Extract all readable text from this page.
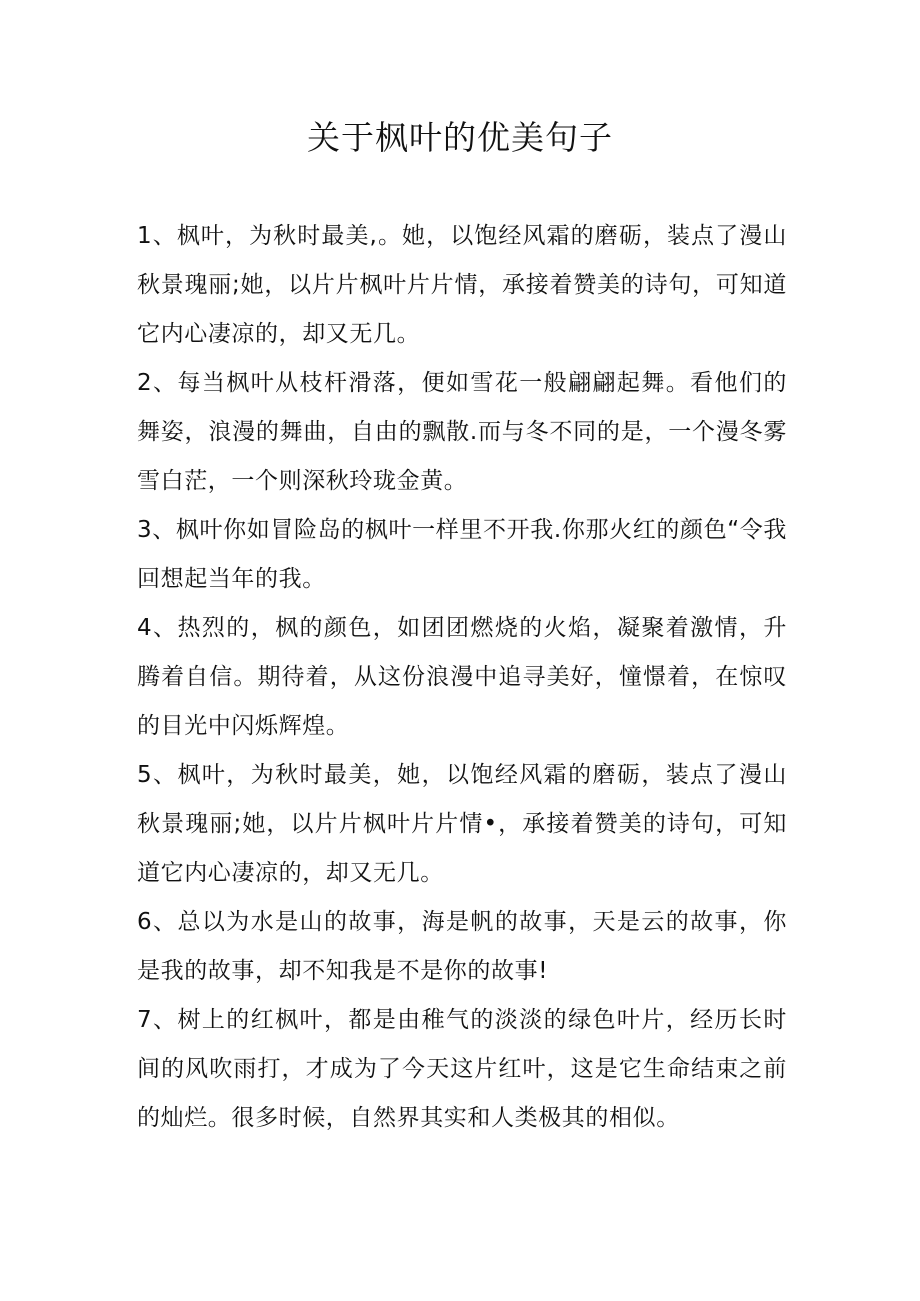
关于枫叶的优美句子

1、枫叶，为秋时最美,。她，以饱经风霜的磨砺，装点了漫山秋景瑰丽;她，以片片枫叶片片情，承接着赞美的诗句，可知道它内心凄凉的，却又无几。

2、每当枫叶从枝杆滑落，便如雪花一般翩翩起舞。看他们的舞姿，浪漫的舞曲，自由的飘散.而与冬不同的是，一个漫冬雾雪白茫，一个则深秋玲珑金黄。

3、枫叶你如冒险岛的枫叶一样里不开我.你那火红的颜色“令我回想起当年的我。

4、热烈的，枫的颜色，如团团燃烧的火焰，凝聚着激情，升腾着自信。期待着，从这份浪漫中追寻美好，憧憬着，在惊叹的目光中闪烁辉煌。

5、枫叶，为秋时最美，她，以饱经风霜的磨砺，装点了漫山秋景瑰丽;她，以片片枫叶片片情•，承接着赞美的诗句，可知道它内心凄凉的，却又无几。

6、总以为水是山的故事，海是帆的故事，天是云的故事，你是我的故事，却不知我是不是你的故事!

7、树上的红枫叶，都是由稚气的淡淡的绿色叶片，经历长时间的风吹雨打，才成为了今天这片红叶，这是它生命结束之前的灿烂。很多时候，自然界其实和人类极其的相似。
